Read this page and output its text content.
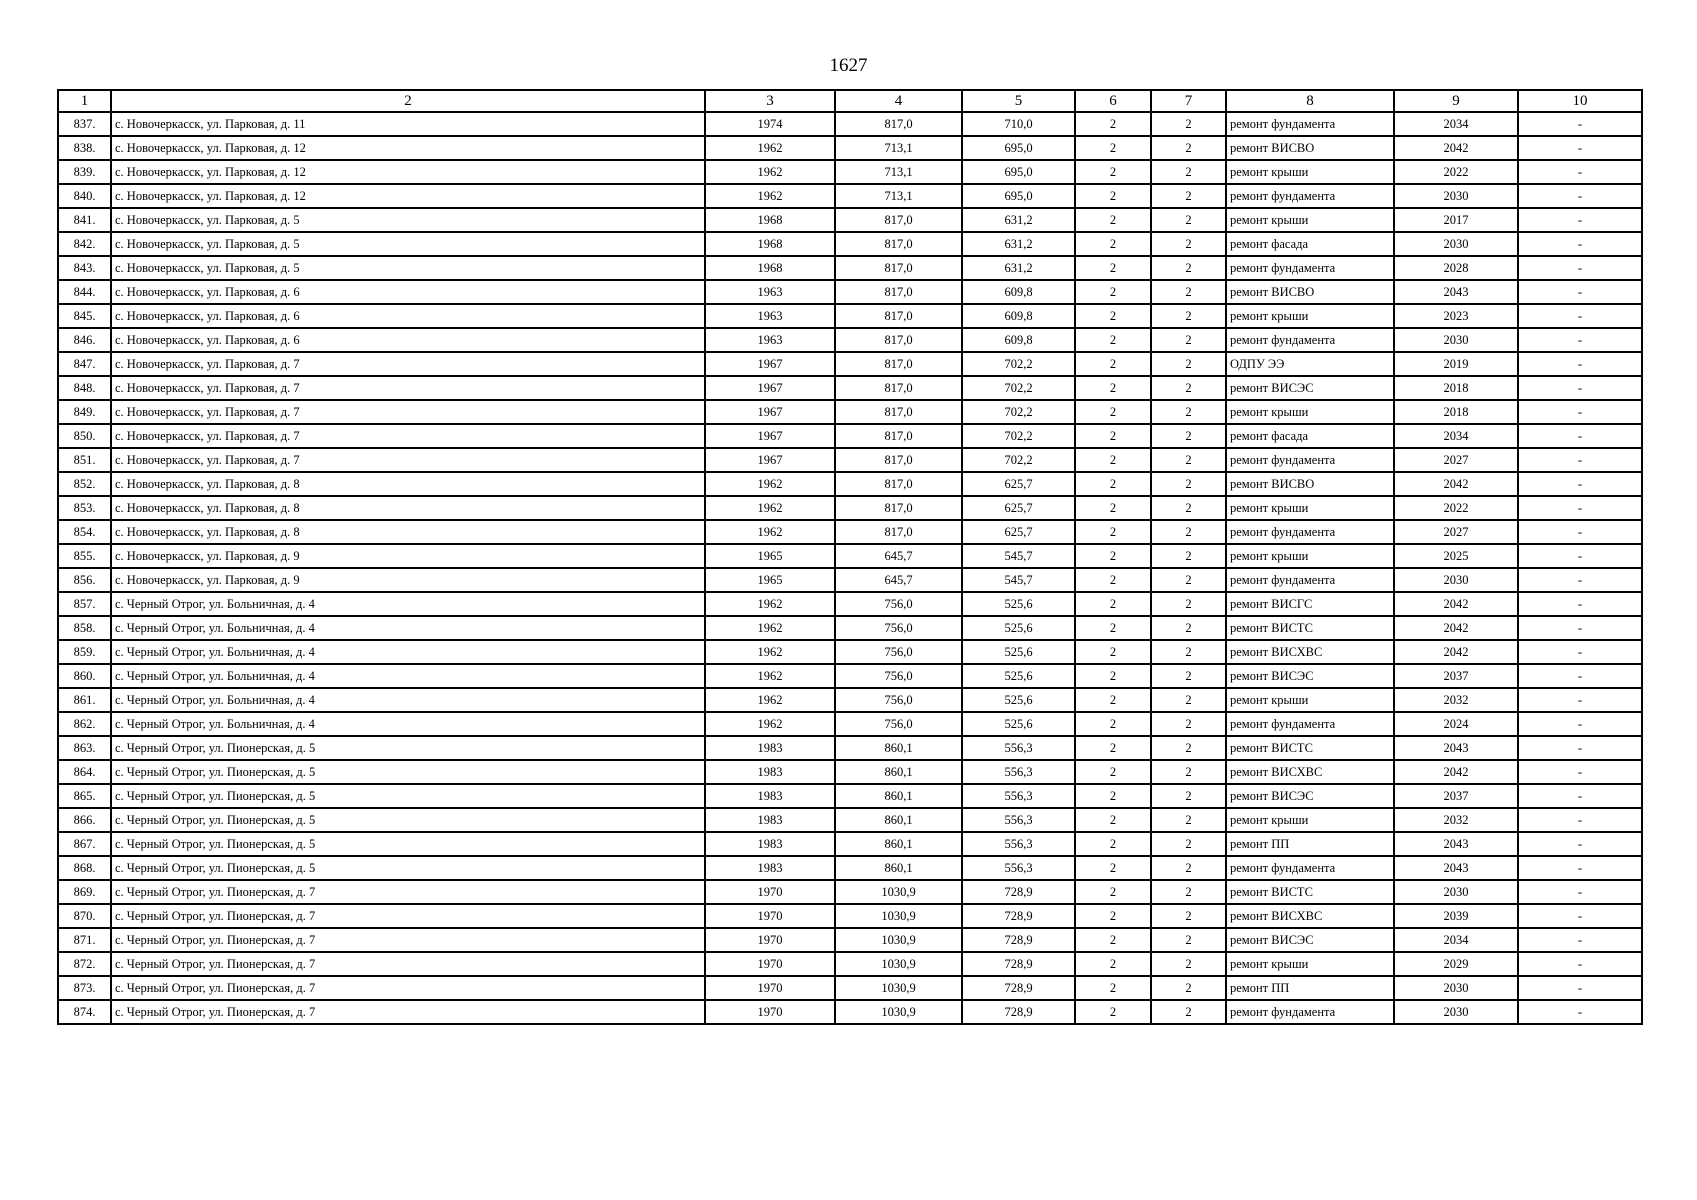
1627
1	2	3	4	5	6	7	8	9	10
837.	с. Новочеркасск, ул. Парковая, д. 11	1974	817,0	710,0	2	2	ремонт фундамента	2034	-
838.	с. Новочеркасск, ул. Парковая, д. 12	1962	713,1	695,0	2	2	ремонт ВИСВО	2042	-
839.	с. Новочеркасск, ул. Парковая, д. 12	1962	713,1	695,0	2	2	ремонт крыши	2022	-
840.	с. Новочеркасск, ул. Парковая, д. 12	1962	713,1	695,0	2	2	ремонт фундамента	2030	-
841.	с. Новочеркасск, ул. Парковая, д. 5	1968	817,0	631,2	2	2	ремонт крыши	2017	-
842.	с. Новочеркасск, ул. Парковая, д. 5	1968	817,0	631,2	2	2	ремонт фасада	2030	-
843.	с. Новочеркасск, ул. Парковая, д. 5	1968	817,0	631,2	2	2	ремонт фундамента	2028	-
844.	с. Новочеркасск, ул. Парковая, д. 6	1963	817,0	609,8	2	2	ремонт ВИСВО	2043	-
845.	с. Новочеркасск, ул. Парковая, д. 6	1963	817,0	609,8	2	2	ремонт крыши	2023	-
846.	с. Новочеркасск, ул. Парковая, д. 6	1963	817,0	609,8	2	2	ремонт фундамента	2030	-
847.	с. Новочеркасск, ул. Парковая, д. 7	1967	817,0	702,2	2	2	ОДПУ ЭЭ	2019	-
848.	с. Новочеркасск, ул. Парковая, д. 7	1967	817,0	702,2	2	2	ремонт ВИСЭС	2018	-
849.	с. Новочеркасск, ул. Парковая, д. 7	1967	817,0	702,2	2	2	ремонт крыши	2018	-
850.	с. Новочеркасск, ул. Парковая, д. 7	1967	817,0	702,2	2	2	ремонт фасада	2034	-
851.	с. Новочеркасск, ул. Парковая, д. 7	1967	817,0	702,2	2	2	ремонт фундамента	2027	-
852.	с. Новочеркасск, ул. Парковая, д. 8	1962	817,0	625,7	2	2	ремонт ВИСВО	2042	-
853.	с. Новочеркасск, ул. Парковая, д. 8	1962	817,0	625,7	2	2	ремонт крыши	2022	-
854.	с. Новочеркасск, ул. Парковая, д. 8	1962	817,0	625,7	2	2	ремонт фундамента	2027	-
855.	с. Новочеркасск, ул. Парковая, д. 9	1965	645,7	545,7	2	2	ремонт крыши	2025	-
856.	с. Новочеркасск, ул. Парковая, д. 9	1965	645,7	545,7	2	2	ремонт фундамента	2030	-
857.	с. Черный Отрог, ул. Больничная, д. 4	1962	756,0	525,6	2	2	ремонт ВИСГС	2042	-
858.	с. Черный Отрог, ул. Больничная, д. 4	1962	756,0	525,6	2	2	ремонт ВИСТС	2042	-
859.	с. Черный Отрог, ул. Больничная, д. 4	1962	756,0	525,6	2	2	ремонт ВИСХВС	2042	-
860.	с. Черный Отрог, ул. Больничная, д. 4	1962	756,0	525,6	2	2	ремонт ВИСЭС	2037	-
861.	с. Черный Отрог, ул. Больничная, д. 4	1962	756,0	525,6	2	2	ремонт крыши	2032	-
862.	с. Черный Отрог, ул. Больничная, д. 4	1962	756,0	525,6	2	2	ремонт фундамента	2024	-
863.	с. Черный Отрог, ул. Пионерская, д. 5	1983	860,1	556,3	2	2	ремонт ВИСТС	2043	-
864.	с. Черный Отрог, ул. Пионерская, д. 5	1983	860,1	556,3	2	2	ремонт ВИСХВС	2042	-
865.	с. Черный Отрог, ул. Пионерская, д. 5	1983	860,1	556,3	2	2	ремонт ВИСЭС	2037	-
866.	с. Черный Отрог, ул. Пионерская, д. 5	1983	860,1	556,3	2	2	ремонт крыши	2032	-
867.	с. Черный Отрог, ул. Пионерская, д. 5	1983	860,1	556,3	2	2	ремонт ПП	2043	-
868.	с. Черный Отрог, ул. Пионерская, д. 5	1983	860,1	556,3	2	2	ремонт фундамента	2043	-
869.	с. Черный Отрог, ул. Пионерская, д. 7	1970	1030,9	728,9	2	2	ремонт ВИСТС	2030	-
870.	с. Черный Отрог, ул. Пионерская, д. 7	1970	1030,9	728,9	2	2	ремонт ВИСХВС	2039	-
871.	с. Черный Отрог, ул. Пионерская, д. 7	1970	1030,9	728,9	2	2	ремонт ВИСЭС	2034	-
872.	с. Черный Отрог, ул. Пионерская, д. 7	1970	1030,9	728,9	2	2	ремонт крыши	2029	-
873.	с. Черный Отрог, ул. Пионерская, д. 7	1970	1030,9	728,9	2	2	ремонт ПП	2030	-
874.	с. Черный Отрог, ул. Пионерская, д. 7	1970	1030,9	728,9	2	2	ремонт фундамента	2030	-
